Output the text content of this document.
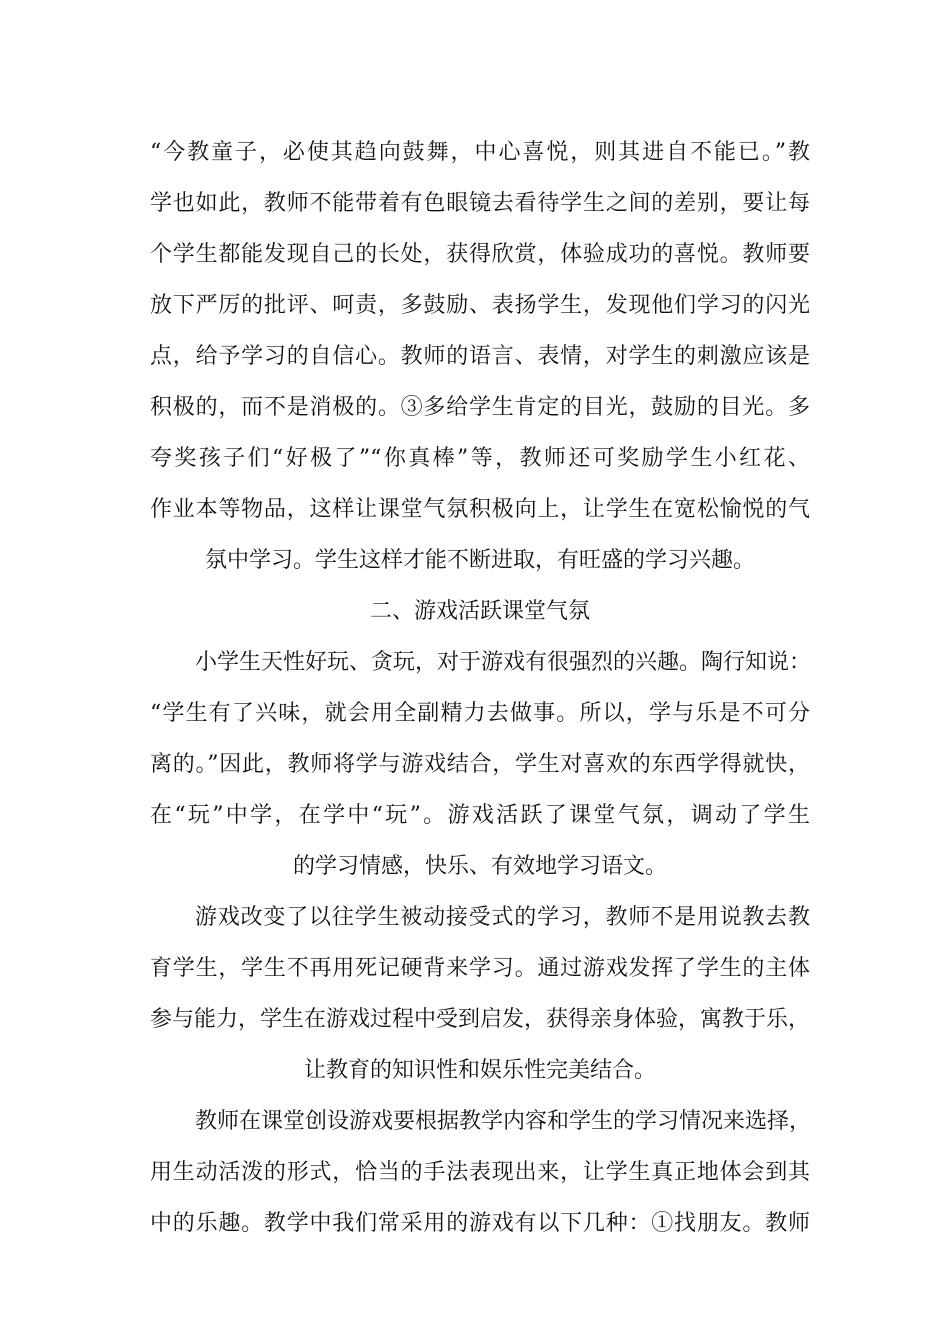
“今教童子，必使其趋向鼓舞，中心喜悦，则其进自不能已。”教
学也如此，教师不能带着有色眼镜去看待学生之间的差别，要让每
个学生都能发现自己的长处，获得欣赏，体验成功的喜悦。教师要
放下严厉的批评、呵责，多鼓励、表扬学生，发现他们学习的闪光
点，给予学习的自信心。教师的语言、表情，对学生的刺激应该是
积极的，而不是消极的。③多给学生肯定的目光，鼓励的目光。多
夸奖孩子们“好极了”“你真棒”等，教师还可奖励学生小红花、
作业本等物品，这样让课堂气氛积极向上，让学生在宽松愉悦的气
氛中学习。学生这样才能不断进取，有旺盛的学习兴趣。
二、游戏活跃课堂气氛
小学生天性好玩、贪玩，对于游戏有很强烈的兴趣。陶行知说：
“学生有了兴味，就会用全副精力去做事。所以，学与乐是不可分
离的。”因此，教师将学与游戏结合，学生对喜欢的东西学得就快，
在“玩”中学，在学中“玩”。游戏活跃了课堂气氛，调动了学生
的学习情感，快乐、有效地学习语文。
游戏改变了以往学生被动接受式的学习，教师不是用说教去教
育学生，学生不再用死记硬背来学习。通过游戏发挥了学生的主体
参与能力，学生在游戏过程中受到启发，获得亲身体验，寓教于乐，
让教育的知识性和娱乐性完美结合。
教师在课堂创设游戏要根据教学内容和学生的学习情况来选择，
用生动活泼的形式，恰当的手法表现出来，让学生真正地体会到其
中的乐趣。教学中我们常采用的游戏有以下几种：①找朋友。教师
